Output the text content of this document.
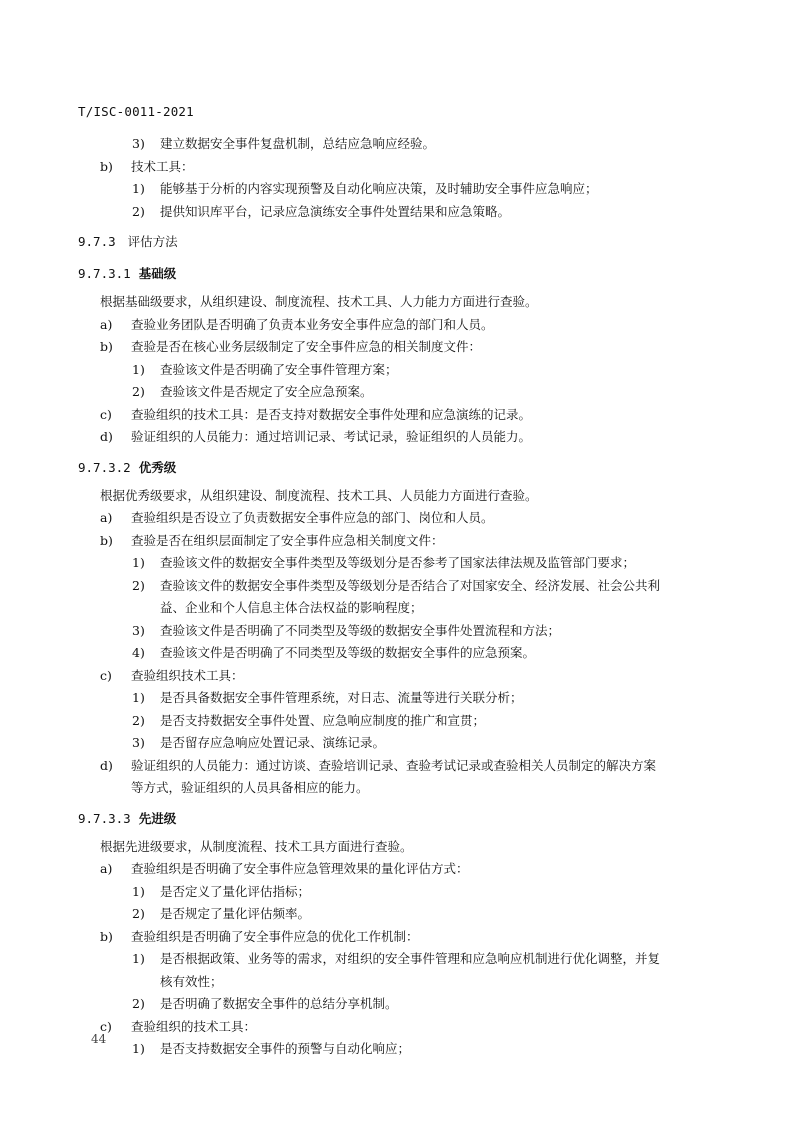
T/ISC-0011-2021
3) 建立数据安全事件复盘机制，总结应急响应经验。
b) 技术工具：
1) 能够基于分析的内容实现预警及自动化响应决策，及时辅助安全事件应急响应；
2) 提供知识库平台，记录应急演练安全事件处置结果和应急策略。
9.7.3 评估方法
9.7.3.1 基础级
根据基础级要求，从组织建设、制度流程、技术工具、人力能力方面进行查验。
a) 查验业务团队是否明确了负责本业务安全事件应急的部门和人员。
b) 查验是否在核心业务层级制定了安全事件应急的相关制度文件：
1) 查验该文件是否明确了安全事件管理方案；
2) 查验该文件是否规定了安全应急预案。
c) 查验组织的技术工具：是否支持对数据安全事件处理和应急演练的记录。
d) 验证组织的人员能力：通过培训记录、考试记录，验证组织的人员能力。
9.7.3.2 优秀级
根据优秀级要求，从组织建设、制度流程、技术工具、人员能力方面进行查验。
a) 查验组织是否设立了负责数据安全事件应急的部门、岗位和人员。
b) 查验是否在组织层面制定了安全事件应急相关制度文件：
1) 查验该文件的数据安全事件类型及等级划分是否参考了国家法律法规及监管部门要求；
2) 查验该文件的数据安全事件类型及等级划分是否结合了对国家安全、经济发展、社会公共利
益、企业和个人信息主体合法权益的影响程度；
3) 查验该文件是否明确了不同类型及等级的数据安全事件处置流程和方法；
4) 查验该文件是否明确了不同类型及等级的数据安全事件的应急预案。
c) 查验组织技术工具：
1) 是否具备数据安全事件管理系统，对日志、流量等进行关联分析；
2) 是否支持数据安全事件处置、应急响应制度的推广和宣贯；
3) 是否留存应急响应处置记录、演练记录。
d) 验证组织的人员能力：通过访谈、查验培训记录、查验考试记录或查验相关人员制定的解决方案
等方式，验证组织的人员具备相应的能力。
9.7.3.3 先进级
根据先进级要求，从制度流程、技术工具方面进行查验。
a) 查验组织是否明确了安全事件应急管理效果的量化评估方式：
1) 是否定义了量化评估指标；
2) 是否规定了量化评估频率。
b) 查验组织是否明确了安全事件应急的优化工作机制：
1) 是否根据政策、业务等的需求，对组织的安全事件管理和应急响应机制进行优化调整，并复
核有效性；
2) 是否明确了数据安全事件的总结分享机制。
c) 查验组织的技术工具：
1) 是否支持数据安全事件的预警与自动化响应；
44
